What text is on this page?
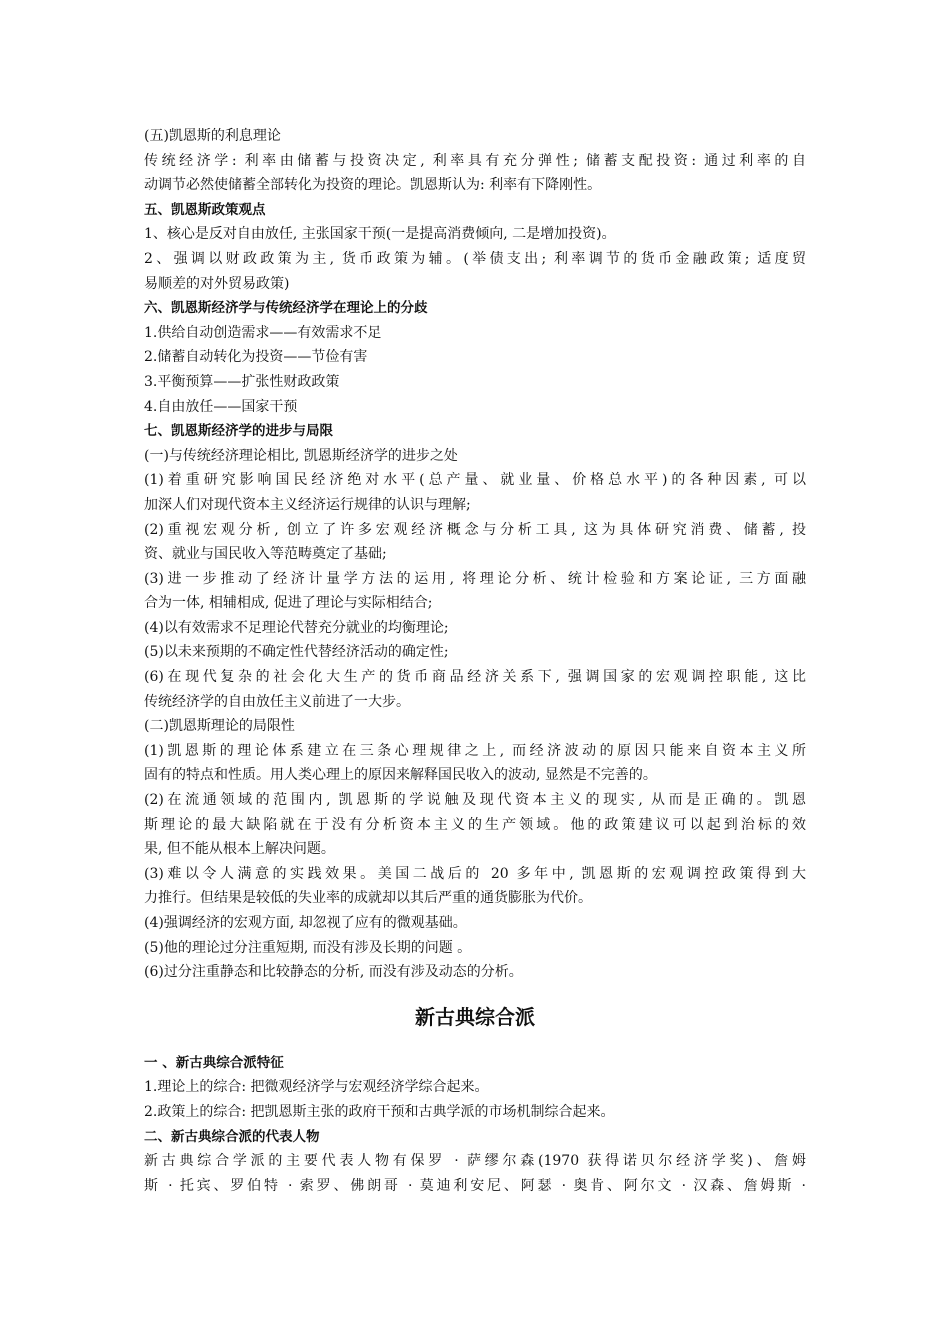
(五)凯恩斯的利息理论
传统经济学: 利率由储蓄与投资决定, 利率具有充分弹性; 储蓄支配投资: 通过利率的自
动调节必然使储蓄全部转化为投资的理论。凯恩斯认为: 利率有下降刚性。
五、凯恩斯政策观点
1、核心是反对自由放任, 主张国家干预(一是提高消费倾向, 二是增加投资)。
2、强调以财政政策为主, 货币政策为辅。(举债支出; 利率调节的货币金融政策; 适度贸
易顺差的对外贸易政策)
六、凯恩斯经济学与传统经济学在理论上的分歧
1.供给自动创造需求——有效需求不足
2.储蓄自动转化为投资——节俭有害
3.平衡预算——扩张性财政政策
4.自由放任——国家干预
七、凯恩斯经济学的进步与局限
(一)与传统经济理论相比, 凯恩斯经济学的进步之处
(1)着重研究影响国民经济绝对水平(总产量、就业量、价格总水平)的各种因素, 可以
加深人们对现代资本主义经济运行规律的认识与理解;
(2)重视宏观分析, 创立了许多宏观经济概念与分析工具, 这为具体研究消费、储蓄, 投
资、就业与国民收入等范畴奠定了基础;
(3)进一步推动了经济计量学方法的运用, 将理论分析、统计检验和方案论证, 三方面融
合为一体, 相辅相成, 促进了理论与实际相结合;
(4)以有效需求不足理论代替充分就业的均衡理论;
(5)以未来预期的不确定性代替经济活动的确定性;
(6)在现代复杂的社会化大生产的货币商品经济关系下, 强调国家的宏观调控职能, 这比
传统经济学的自由放任主义前进了一大步。
(二)凯恩斯理论的局限性
(1)凯恩斯的理论体系建立在三条心理规律之上, 而经济波动的原因只能来自资本主义所
固有的特点和性质。用人类心理上的原因来解释国民收入的波动, 显然是不完善的。
(2)在流通领域的范围内, 凯恩斯的学说触及现代资本主义的现实, 从而是正确的。凯恩
斯理论的最大缺陷就在于没有分析资本主义的生产领域。他的政策建议可以起到治标的效
果, 但不能从根本上解决问题。
(3)难以令人满意的实践效果。美国二战后的 20 多年中, 凯恩斯的宏观调控政策得到大
力推行。但结果是较低的失业率的成就却以其后严重的通货膨胀为代价。
(4)强调经济的宏观方面, 却忽视了应有的微观基础。
(5)他的理论过分注重短期, 而没有涉及长期的问题 。
(6)过分注重静态和比较静态的分析, 而没有涉及动态的分析。
新古典综合派
一 、新古典综合派特征
1.理论上的综合: 把微观经济学与宏观经济学综合起来。
2.政策上的综合: 把凯恩斯主张的政府干预和古典学派的市场机制综合起来。
二、新古典综合派的代表人物
新古典综合学派的主要代表人物有保罗 · 萨缪尔森(1970 获得诺贝尔经济学奖)、詹姆
斯 · 托宾、罗伯特 · 索罗、佛朗哥 · 莫迪利安尼、阿瑟 · 奥肯、阿尔文 · 汉森、詹姆斯 ·
